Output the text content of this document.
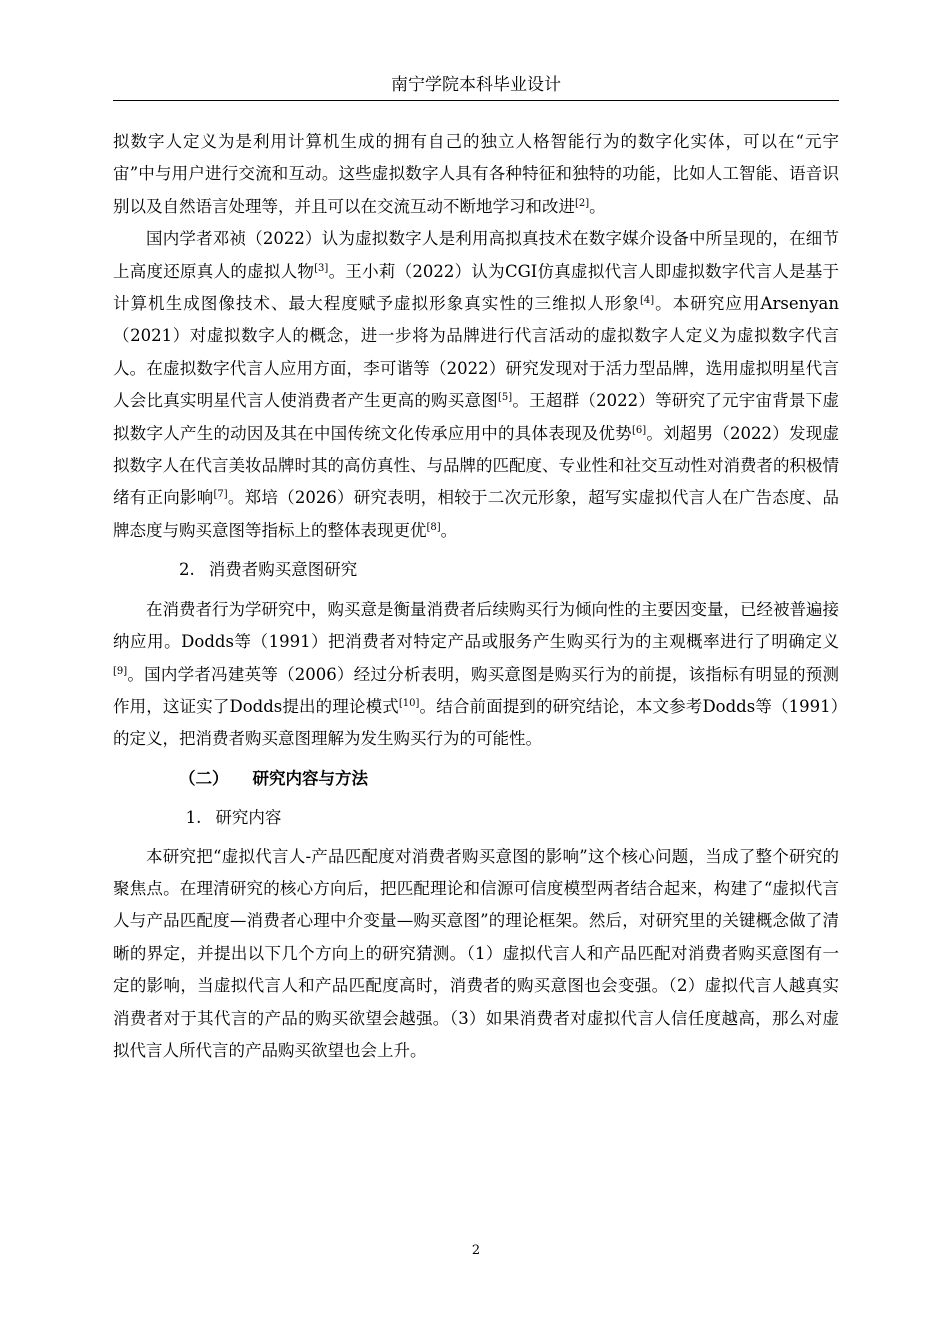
南宁学院本科毕业设计

拟数字人定义为是利用计算机生成的拥有自己的独立人格智能行为的数字化实体，可以在“元宇宙”中与用户进行交流和互动。这些虚拟数字人具有各种特征和独特的功能，比如人工智能、语音识别以及自然语言处理等，并且可以在交流互动不断地学习和改进[2]。

国内学者邓祯（2022）认为虚拟数字人是利用高拟真技术在数字媒介设备中所呈现的，在细节上高度还原真人的虚拟人物[3]。王小莉（2022）认为CGI仿真虚拟代言人即虚拟数字代言人是基于计算机生成图像技术、最大程度赋予虚拟形象真实性的三维拟人形象[4]。本研究应用Arsenyan（2021）对虚拟数字人的概念，进一步将为品牌进行代言活动的虚拟数字人定义为虚拟数字代言人。在虚拟数字代言人应用方面，李可谐等（2022）研究发现对于活力型品牌，选用虚拟明星代言人会比真实明星代言人使消费者产生更高的购买意图[5]。王超群（2022）等研究了元宇宙背景下虚拟数字人产生的动因及其在中国传统文化传承应用中的具体表现及优势[6]。刘超男（2022）发现虚拟数字人在代言美妆品牌时其的高仿真性、与品牌的匹配度、专业性和社交互动性对消费者的积极情绪有正向影响[7]。郑培（2026）研究表明，相较于二次元形象，超写实虚拟代言人在广告态度、品牌态度与购买意图等指标上的整体表现更优[8]。

2. 消费者购买意图研究

在消费者行为学研究中，购买意是衡量消费者后续购买行为倾向性的主要因变量，已经被普遍接纳应用。Dodds等（1991）把消费者对特定产品或服务产生购买行为的主观概率进行了明确定义[9]。国内学者冯建英等（2006）经过分析表明，购买意图是购买行为的前提，该指标有明显的预测作用，这证实了Dodds提出的理论模式[10]。结合前面提到的研究结论，本文参考Dodds等（1991）的定义，把消费者购买意图理解为发生购买行为的可能性。

（二） 研究内容与方法

1. 研究内容

本研究把“虚拟代言人-产品匹配度对消费者购买意图的影响”这个核心问题，当成了整个研究的聚焦点。在理清研究的核心方向后，把匹配理论和信源可信度模型两者结合起来，构建了“虚拟代言人与产品匹配度—消费者心理中介变量—购买意图”的理论框架。然后，对研究里的关键概念做了清晰的界定，并提出以下几个方向上的研究猜测。（1）虚拟代言人和产品匹配对消费者购买意图有一定的影响，当虚拟代言人和产品匹配度高时，消费者的购买意图也会变强。（2）虚拟代言人越真实消费者对于其代言的产品的购买欲望会越强。（3）如果消费者对虚拟代言人信任度越高，那么对虚拟代言人所代言的产品购买欲望也会上升。

2
